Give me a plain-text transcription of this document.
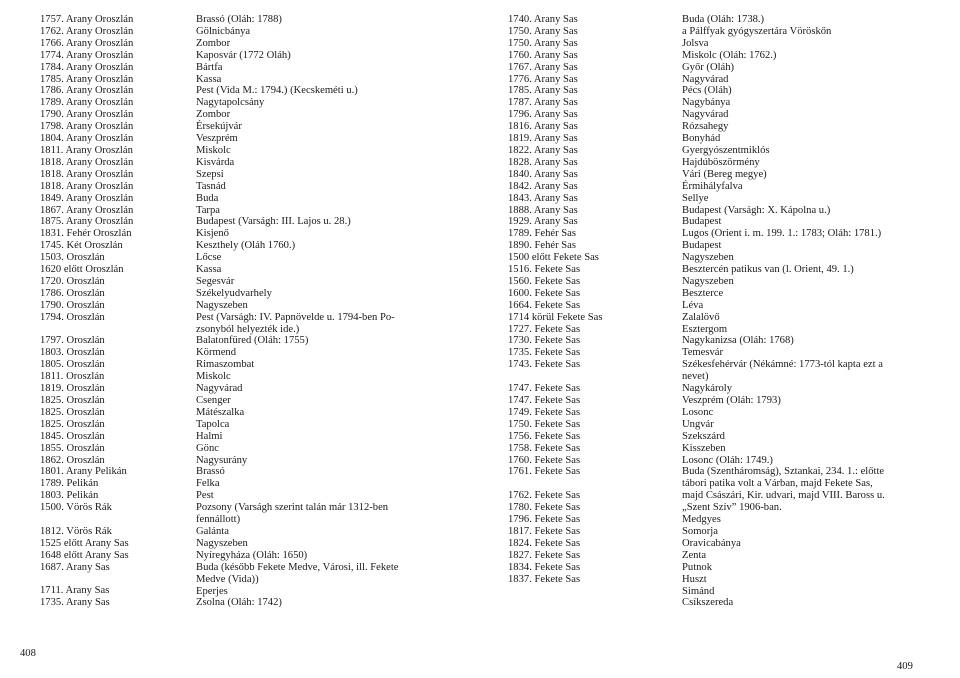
1757. Arany Oroszlán
1762. Arany Oroszlán
1766. Arany Oroszlán
1774. Arany Oroszlán
1784. Arany Oroszlán
1785. Arany Oroszlán
1786. Arany Oroszlán
1789. Arany Oroszlán
1790. Arany Oroszlán
1798. Arany Oroszlán
1804. Arany Oroszlán
1811. Arany Oroszlán
1818. Arany Oroszlán
1818. Arany Oroszlán
1818. Arany Oroszlán
1849. Arany Oroszlán
1867. Arany Oroszlán
1875. Arany Oroszlán
1831. Fehér Oroszlán
1745. Két Oroszlán
1503. Oroszlán
1620 előtt Oroszlán
1720. Oroszlán
1786. Oroszlán
1790. Oroszlán
1794. Oroszlán
1797. Oroszlán
1803. Oroszlán
1805. Oroszlán
1811. Oroszlán
1819. Oroszlán
1825. Oroszlán
1825. Oroszlán
1825. Oroszlán
1845. Oroszlán
1855. Oroszlán
1862. Oroszlán
1801. Arany Pelikán
1789. Pelikán
1803. Pelikán
1500. Vörös Rák
1812. Vörös Rák
1525 előtt Arany Sas
1648 előtt Arany Sas
1687. Arany Sas
1711. Arany Sas
1735. Arany Sas
Brassó (Oláh: 1788)
Gölnicbánya
Zombor
Kaposvár (1772 Oláh)
Bártfa
Kassa
Pest (Vida M.: 1794.) (Kecskeméti u.)
Nagytapolcsány
Zombor
Érsekújvár
Veszprém
Miskolc
Kisvárda
Szepsi
Tasnád
Buda
Tarpa
Budapest (Varságh: III. Lajos u. 28.)
Kisjenő
Keszthely (Oláh 1760.)
Lőcse
Kassa
Segesvár
Székelyudvarhely
Nagyszeben
Pest (Varságh: IV. Papnövelde u. 1794-ben Po-
zsonyból helyezték ide.)
Balatonfüred (Oláh: 1755)
Körmend
Rimaszombat
Miskolc
Nagyvárad
Csenger
Mátészalka
Tapolca
Halmi
Gönc
Nagysurány
Brassó
Felka
Pest
Pozsony (Varságh szerint talán már 1312-ben
fennállott)
Galánta
Nagyszeben
Nyíregyháza (Oláh: 1650)
Buda (később Fekete Medve, Városi, ill. Fekete
Medve (Vida))
Eperjes
Zsolna (Oláh: 1742)
408
1740. Arany Sas
1750. Arany Sas
1750. Arany Sas
1760. Arany Sas
1767. Arany Sas
1776. Arany Sas
1785. Arany Sas
1787. Arany Sas
1796. Arany Sas
1816. Arany Sas
1819. Arany Sas
1822. Arany Sas
1828. Arany Sas
1840. Arany Sas
1842. Arany Sas
1843. Arany Sas
1888. Arany Sas
1929. Arany Sas
1789. Fehér Sas
1890. Fehér Sas
1500 előtt Fekete Sas
1516. Fekete Sas
1560. Fekete Sas
1600. Fekete Sas
1664. Fekete Sas
1714 körül Fekete Sas
1727. Fekete Sas
1730. Fekete Sas
1735. Fekete Sas
1743. Fekete Sas
1747. Fekete Sas
1747. Fekete Sas
1749. Fekete Sas
1750. Fekete Sas
1756. Fekete Sas
1758. Fekete Sas
1760. Fekete Sas
1761. Fekete Sas
1762. Fekete Sas
1780. Fekete Sas
1796. Fekete Sas
1817. Fekete Sas
1824. Fekete Sas
1827. Fekete Sas
1834. Fekete Sas
1837. Fekete Sas
Buda (Oláh: 1738.)
a Pálffyak gyógyszertára Vöröskőn
Jolsva
Miskolc (Oláh: 1762.)
Győr (Oláh)
Nagyvárad
Pécs (Oláh)
Nagybánya
Nagyvárad
Rózsahegy
Bonyhád
Gyergyószentmiklós
Hajdúböszörmény
Vári (Bereg megye)
Érmihályfalva
Sellye
Budapest (Varságh: X. Kápolna u.)
Budapest
Lugos (Orient i. m. 199. 1.: 1783; Oláh: 1781.)
Budapest
Nagyszeben
Besztercén patikus van (l. Orient, 49. 1.)
Nagyszeben
Beszterce
Léva
Zalalövő
Esztergom
Nagykanizsa (Oláh: 1768)
Temesvár
Székesfehérvár (Nékámné: 1773-tól kapta ezt a
nevet)
Nagykároly
Veszprém (Oláh: 1793)
Losonc
Ungvár
Szekszárd
Kisszeben
Losonc (Oláh: 1749.)
Buda (Szentháromság), Sztankai, 234. 1.: előtte
tábori patika volt a Várban, majd Fekete Sas,
majd Császári, Kir. udvari, majd VIII. Baross u.
„Szent Szív” 1906-ban.
Medgyes
Somorja
Oravicabánya
Zenta
Putnok
Huszt
Simánd
Csíkszereda
409
